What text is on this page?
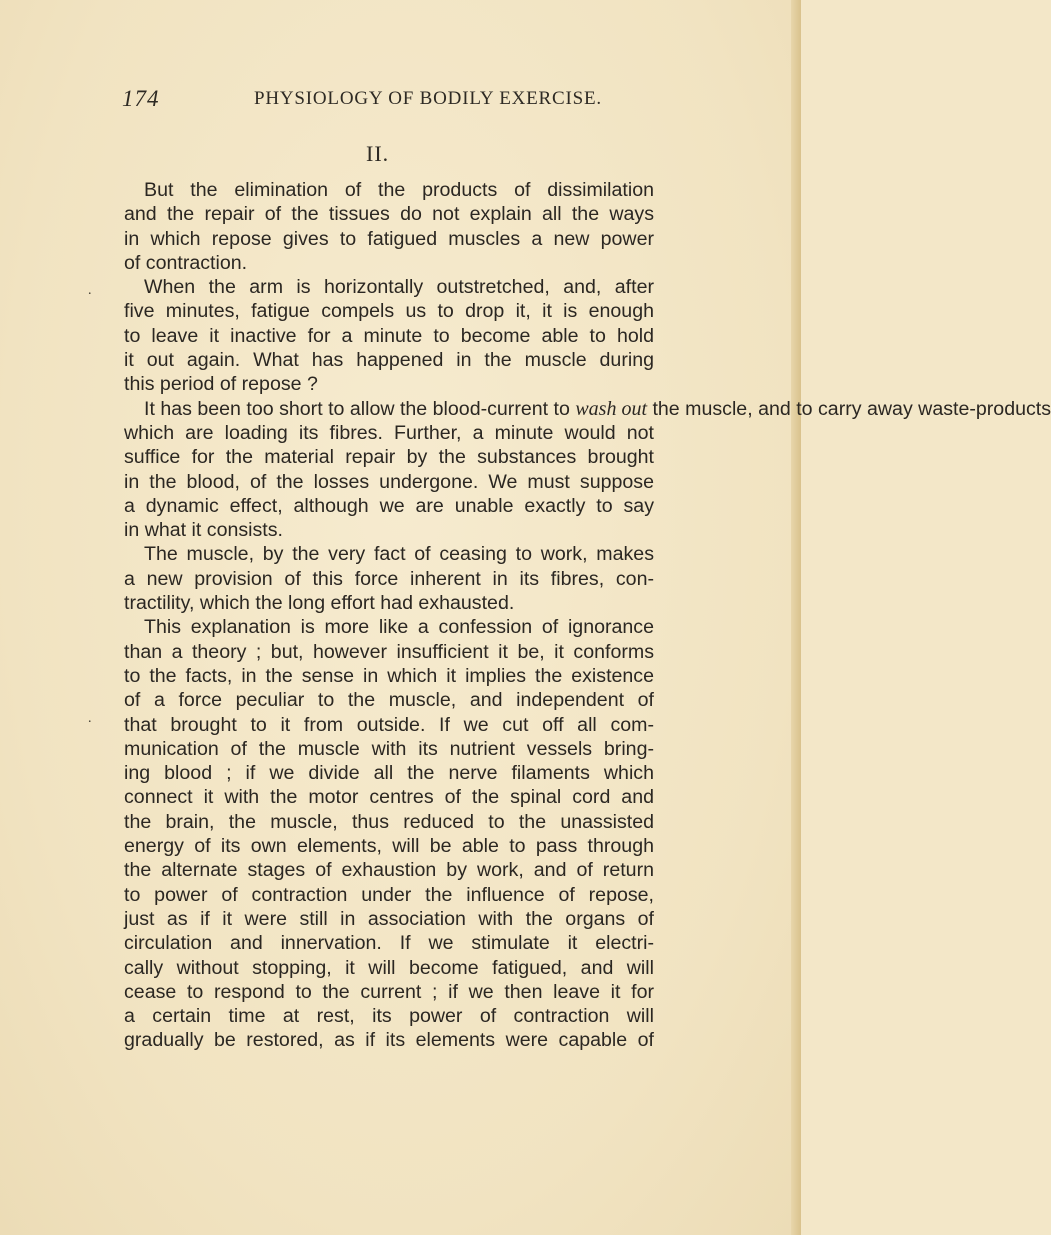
174	PHYSIOLOGY OF BODILY EXERCISE.
II.
But the elimination of the products of dissimilation
and the repair of the tissues do not explain all the ways
in which repose gives to fatigued muscles a new power
of contraction.
When the arm is horizontally outstretched, and, after
five minutes, fatigue compels us to drop it, it is enough
to leave it inactive for a minute to become able to hold
it out again. What has happened in the muscle during
this period of repose ?
It has been too short to allow the blood-current to wash out the muscle, and to carry away waste-products
which are loading its fibres. Further, a minute would not
suffice for the material repair by the substances brought
in the blood, of the losses undergone. We must suppose
a dynamic effect, although we are unable exactly to say
in what it consists.
The muscle, by the very fact of ceasing to work, makes
a new provision of this force inherent in its fibres, con-
tractility, which the long effort had exhausted.
This explanation is more like a confession of ignorance
than a theory ; but, however insufficient it be, it conforms
to the facts, in the sense in which it implies the existence
of a force peculiar to the muscle, and independent of
that brought to it from outside. If we cut off all com-
munication of the muscle with its nutrient vessels bring-
ing blood ; if we divide all the nerve filaments which
connect it with the motor centres of the spinal cord and
the brain, the muscle, thus reduced to the unassisted
energy of its own elements, will be able to pass through
the alternate stages of exhaustion by work, and of return
to power of contraction under the influence of repose,
just as if it were still in association with the organs of
circulation and innervation. If we stimulate it electri-
cally without stopping, it will become fatigued, and will
cease to respond to the current ; if we then leave it for
a certain time at rest, its power of contraction will
gradually be restored, as if its elements were capable of
.
.
